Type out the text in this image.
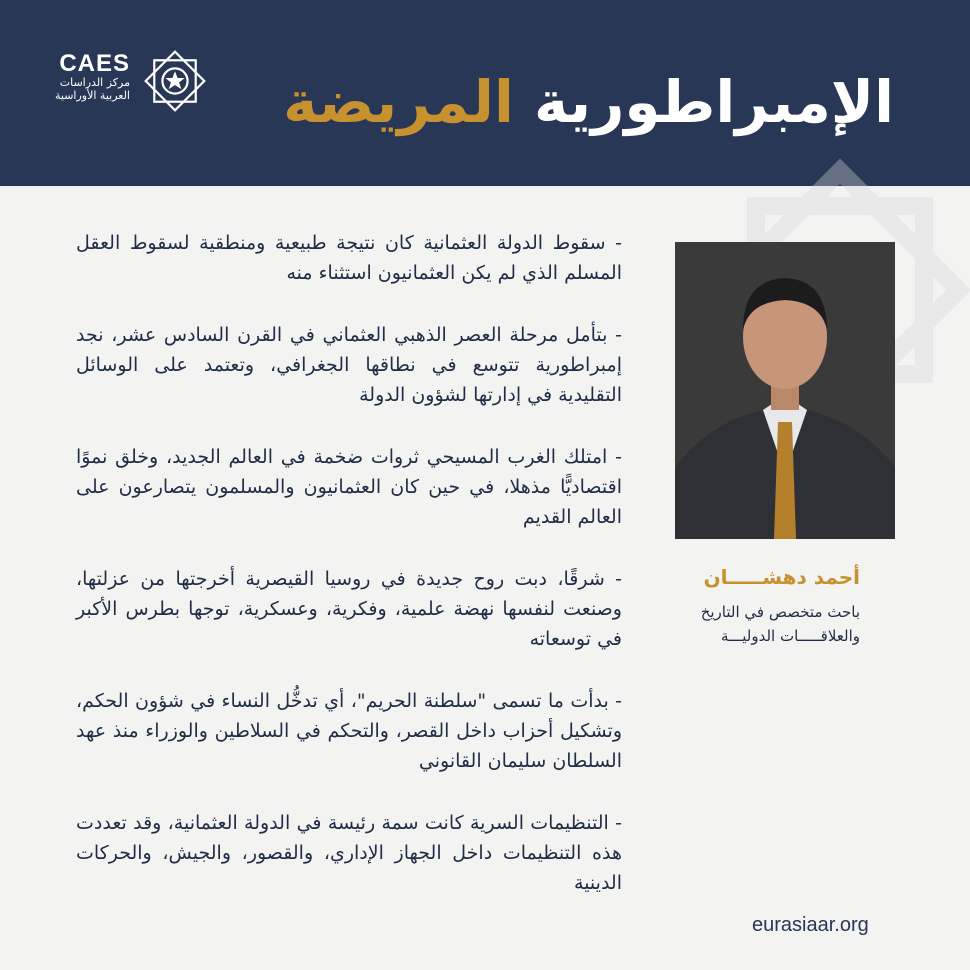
CAES
مركز الدراسات
العربية الأوراسية	الإمبراطورية المريضة

- سقوط الدولة العثمانية كان نتيجة طبيعية ومنطقية لسقوط العقل المسلم الذي لم يكن العثمانيون استثناء منه

- بتأمل مرحلة العصر الذهبي العثماني في القرن السادس عشر، نجد إمبراطورية تتوسع في نطاقها الجغرافي، وتعتمد على الوسائل التقليدية في إدارتها لشؤون الدولة

- امتلك الغرب المسيحي ثروات ضخمة في العالم الجديد، وخلق نموًا اقتصاديًّا مذهلا، في حين كان العثمانيون والمسلمون يتصارعون على العالم القديم

- شرقًا، دبت روح جديدة في روسيا القيصرية أخرجتها من عزلتها، وصنعت لنفسها نهضة علمية، وفكرية، وعسكرية، توجها بطرس الأكبر في توسعاته

- بدأت ما تسمى "سلطنة الحريم"، أي تدخُّل النساء في شؤون الحكم، وتشكيل أحزاب داخل القصر، والتحكم في السلاطين والوزراء منذ عهد السلطان سليمان القانوني

- التنظيمات السرية كانت سمة رئيسة في الدولة العثمانية، وقد تعددت هذه التنظيمات داخل الجهاز الإداري، والقصور، والجيش، والحركات الدينية

أحمد دهشـــــان
باحث متخصص في التاريخ
والعلاقـــــات الدوليـــة
eurasiaar.org
